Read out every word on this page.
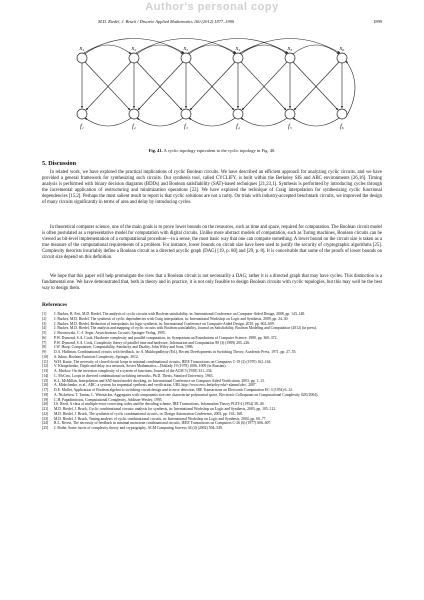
Author's personal copy
M.D. Riedel, J. Bruck / Discrete Applied Mathematics 160 (2012) 1877–1900	1899
x₁	x₂	x₃	x₄	x₅	x₆
f₁	f₂	f₃	f₄	f₅	f₆
Fig. 41. A cyclic topology equivalent to the cyclic topology in Fig. 40.
5. Discussion

In related work, we have explored the practical implications of cyclic Boolean circuits. We have described an efficient approach for analyzing cyclic circuits, and we have provided a general framework for synthesizing such circuits. Our synthesis tool, called CYCLIFY, is built within the Berkeley SIS and ABC environments [26,16]. Timing analysis is performed with binary decision diagrams (BDDs) and Boolean satisfiability (SAT)-based techniques [21,23,1]. Synthesis is performed by introducing cycles through the incremental application of restructuring and minimization operations [22]. We have explored the technique of Craig interpolation for synthesizing cyclic functional dependencies [15,2]. Perhaps the most salient result to report is that cyclic solutions are not a rarity. On trials with industry-accepted benchmark circuits, we improved the design of many circuits significantly in terms of area and delay by introducing cycles.

In theoretical computer science, one of the main goals is to prove lower bounds on the resources, such as time and space, required for computation. The Boolean circuit model is often postulated as a representative model for computation with digital circuits. Unlike more abstract models of computation, such as Turing machines, Boolean circuits can be viewed as bit-level implementation of a computational procedure—in a sense, the most basic way that one can compute something. A lower bound on the circuit size is taken as a true measure of the computational requirements of a problem. For instance, lower bounds on circuit size have been used to justify the security of cryptographic algorithms [25]. Complexity theorists invariably define a Boolean circuit as a directed acyclic graph (DAG) [19, p. 80] and [29, p. 8]. It is conceivable that some of the proofs of lower bounds on circuit size depend on this definition.

We hope that this paper will help promulgate the view that a Boolean circuit is not necessarily a DAG; rather it is a directed graph that may have cycles. This distinction is a fundamental one. We have demonstrated that, both in theory and in practice, it is not only feasible to design Boolean circuits with cyclic topologies, but this may well be the best way to design them.

References
[1] J. Backes, B. Fett, M.D. Riedel, The analysis of cyclic circuits with Boolean satisfiability, in: International Conference on Computer-Aided Design, 2008, pp. 143–148.
[2] J. Backes, M.D. Riedel, The synthesis of cyclic dependencies with Craig interpolation, in: International Workshop on Logic and Synthesis, 2009, pp. 24–30.
[3] J. Backes, M.D. Riedel, Reduction of interpolants for logic synthesis, in: International Conference on Computer-Aided Design, 2010, pp. 602–609.
[4] J. Backes, M.D. Riedel, The analysis and mapping of cyclic circuits with Boolean satisfiability, Journal on Satisfiability, Boolean Modeling and Computation (2012) (in press).
[5] J. Brzozowski, C.-J. Seger, Asynchronous Circuits, Springer-Verlag, 1995.
[6] P.W. Dymond, S.A. Cook, Hardware complexity and parallel computation, in: Symposium on Foundations of Computer Science, 1980, pp. 360–372.
[7] P.W. Dymond, S.A. Cook, Complexity theory of parallel time and hardware, Information and Computation 80 (3) (1989) 205–226.
[8] J.W. Hoop, Computation, Computability, Similarity and Duality, John Wiley and Sons, 1986.
[9] D.A. Huffman, Combinational circuits with feedback, in: A. Mukhopadhyay (Ed.), Recent Developments in Switching Theory, Academic Press, 1971, pp. 27–55.
[10] S. Jukna, Boolean Function Complexity, Springer, 2012.
[11] W.H. Kautz, The necessity of closed circuit loops in minimal combinational circuits, IEEE Transactions on Computers C-19 (2) (1970) 162–164.
[12] V. Khrapchenko, Depth and delay in a network, Soviet Mathematics—Doklady 19 (1978) 1006–1009 (in Russian).
[13] A. Markov, On the inversion complexity of a system of functions, Journal of the ACM 5 (1958) 331–334.
[14] C. McCaw, Loops in directed combinational switching networks, Ph.D. Thesis, Stanford University, 1963.
[15] K.L. McMillan, Interpolation and SAT-based model checking, in: International Conference on Computer Aided Verification, 2003, pp. 1–13.
[16] A. Mishchenko, et al., ABC: a system for sequential synthesis and verification. URL http://www.eecs.berkeley.edu/~alanmi/abc/, 2007.
[17] D.E. Muller, Application of Boolean algebra to switching circuit design and to error detection, IRE Transactions on Electronic Computation EC-3 (1954) 6–12.
[18] A. Nickelsen, T. Tantau, L. Weizsäcker, Aggregates with components size one characterize polynomial space, Electronic Colloquium on Computational Complexity 028 (2004).
[19] C.H. Papadimitriou, Computational Complexity, Addison-Wesley, 1995.
[20] I.S. Reed, A class of multiple-error-correcting codes and the decoding scheme, IRE Transactions, Information Theory PGIT-4 (1954) 38–49.
[21] M.D. Riedel, J. Bruck, Cyclic combinational circuits: analysis for synthesis, in: International Workshop on Logic and Synthesis, 2003, pp. 105–112.
[22] M.D. Riedel, J. Bruck, The synthesis of cyclic combinational circuits, in: Design Automation Conference, 2003, pp. 163–168.
[23] M.D. Riedel, J. Bruck, Timing analysis of cyclic combinational circuits, in: International Workshop on Logic and Synthesis, 2004, pp. 69–77.
[24] R.L. Rivest, The necessity of feedback in minimal monotone combinational circuits, IEEE Transactions on Computers C-26 (6) (1977) 606–607.
[25] J. Rothe, Some facets of complexity theory and cryptography, ACM Computing Surveys 34 (4) (2002) 504–549.
